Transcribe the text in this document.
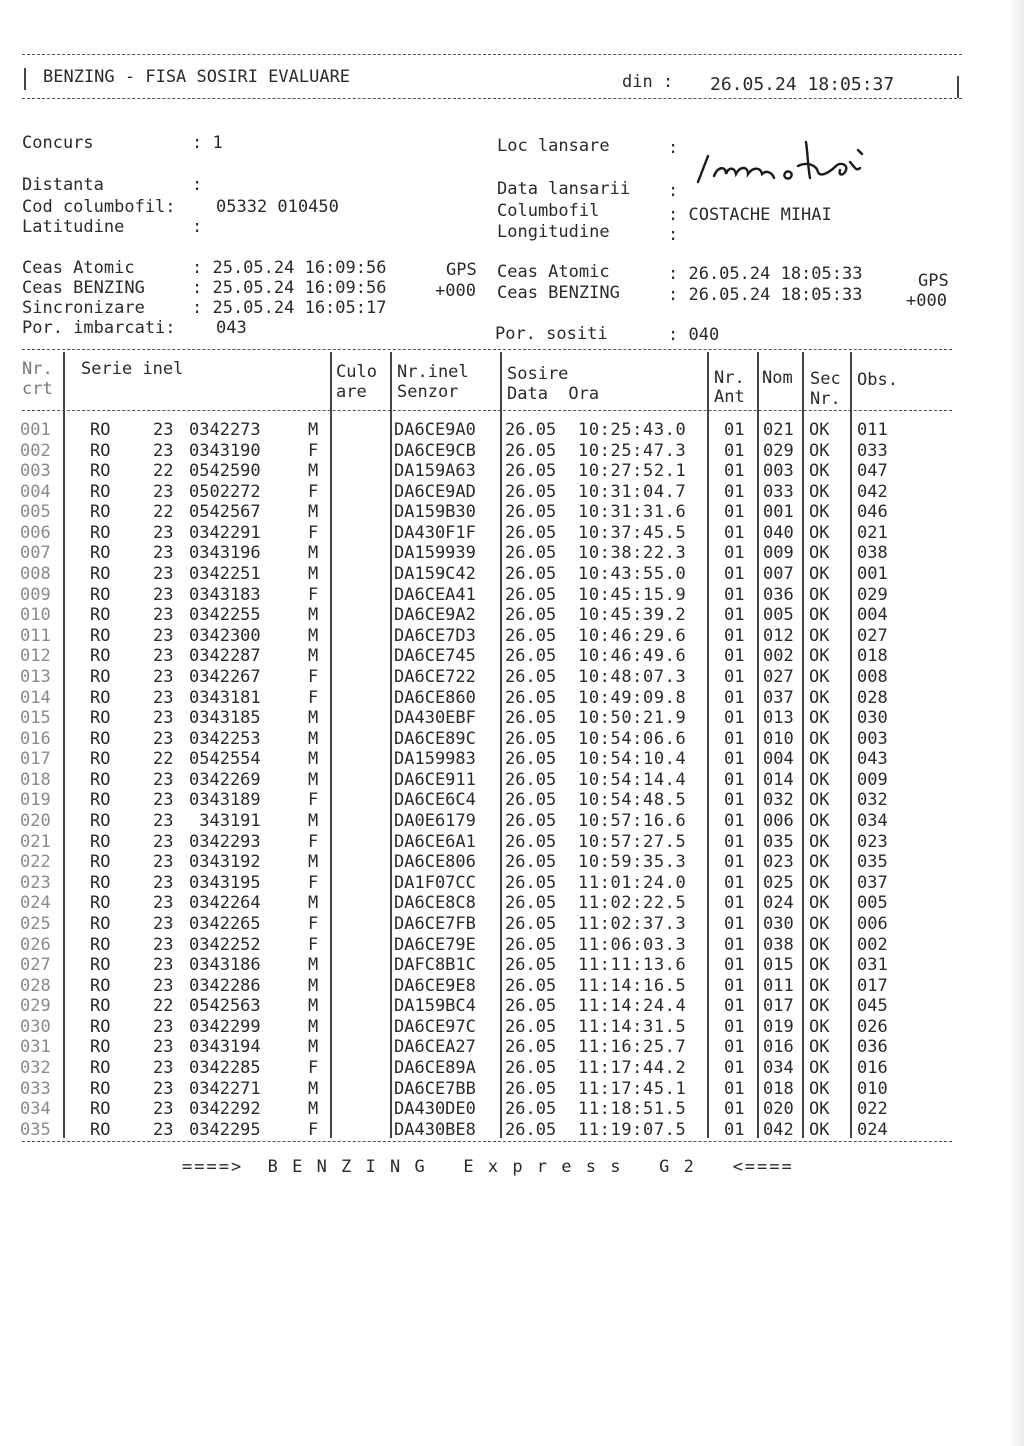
BENZING - FISA SOSIRI EVALUARE	din : 26.05.24 18:05:37
Concurs	: 1
Distanta	:
Cod columbofil: 05332 010450
Latitudine	:
Ceas Atomic	: 25.05.24 16:09:56	GPS
Ceas BENZING	: 25.05.24 16:09:56	+000
Sincronizare	: 25.05.24 16:05:17
Por. imbarcati: 043
Loc lansare	:
Data lansarii :
Columbofil	: COSTACHE MIHAI
Longitudine	:
Ceas Atomic	: 26.05.24 18:05:33	GPS
Ceas BENZING	: 26.05.24 18:05:33	+000
Por. sositi	: 040
Nr.
crt
Serie inel	Culo
are
Nr.inel
Senzor
Sosire
Data  Ora
Nr.
Ant
Nom Sec
Nr.
Obs.
001 RO	23 0342273	M	DA6CE9A0 26.05 10:25:43.0 01 021 OK 011
002 RO	23 0343190	F	DA6CE9CB 26.05 10:25:47.3 01 029 OK 033
003 RO	22 0542590	M	DA159A63 26.05 10:27:52.1 01 003 OK 047
004 RO	23 0502272	F	DA6CE9AD 26.05 10:31:04.7 01 033 OK 042
005 RO	22 0542567	M	DA159B30 26.05 10:31:31.6 01 001 OK 046
006 RO	23 0342291	F	DA430F1F 26.05 10:37:45.5 01 040 OK 021
007 RO	23 0343196	M	DA159939 26.05 10:38:22.3 01 009 OK 038
008 RO	23 0342251	M	DA159C42 26.05 10:43:55.0 01 007 OK 001
009 RO	23 0343183	F	DA6CEA41 26.05 10:45:15.9 01 036 OK 029
010 RO	23 0342255	M	DA6CE9A2 26.05 10:45:39.2 01 005 OK 004
011 RO	23 0342300	M	DA6CE7D3 26.05 10:46:29.6 01 012 OK 027
012 RO	23 0342287	M	DA6CE745 26.05 10:46:49.6 01 002 OK 018
013 RO	23 0342267	F	DA6CE722 26.05 10:48:07.3 01 027 OK 008
014 RO	23 0343181	F	DA6CE860 26.05 10:49:09.8 01 037 OK 028
015 RO	23 0343185	M	DA430EBF 26.05 10:50:21.9 01 013 OK 030
016 RO	23 0342253	M	DA6CE89C 26.05 10:54:06.6 01 010 OK 003
017 RO	22 0542554	M	DA159983 26.05 10:54:10.4 01 004 OK 043
018 RO	23 0342269	M	DA6CE911 26.05 10:54:14.4 01 014 OK 009
019 RO	23 0343189	F	DA6CE6C4 26.05 10:54:48.5 01 032 OK 032
020 RO	23 343191	M	DA0E6179 26.05 10:57:16.6 01 006 OK 034
021 RO	23 0342293	F	DA6CE6A1 26.05 10:57:27.5 01 035 OK 023
022 RO	23 0343192	M	DA6CE806 26.05 10:59:35.3 01 023 OK 035
023 RO	23 0343195	F	DA1F07CC 26.05 11:01:24.0 01 025 OK 037
024 RO	23 0342264	M	DA6CE8C8 26.05 11:02:22.5 01 024 OK 005
025 RO	23 0342265	F	DA6CE7FB 26.05 11:02:37.3 01 030 OK 006
026 RO	23 0342252	F	DA6CE79E 26.05 11:06:03.3 01 038 OK 002
027 RO	23 0343186	M	DAFC8B1C 26.05 11:11:13.6 01 015 OK 031
028 RO	23 0342286	M	DA6CE9E8 26.05 11:14:16.5 01 011 OK 017
029 RO	22 0542563	M	DA159BC4 26.05 11:14:24.4 01 017 OK 045
030 RO	23 0342299	M	DA6CE97C 26.05 11:14:31.5 01 019 OK 026
031 RO	23 0343194	M	DA6CEA27 26.05 11:16:25.7 01 016 OK 036
032 RO	23 0342285	F	DA6CE89A 26.05 11:17:44.2 01 034 OK 016
033 RO	23 0342271	M	DA6CE7BB 26.05 11:17:45.1 01 018 OK 010
034 RO	23 0342292	M	DA430DE0 26.05 11:18:51.5 01 020 OK 022
035 RO	23 0342295	F	DA430BE8 26.05 11:19:07.5 01 042 OK 024
====>  B E N Z I N G   E x p r e s s   G 2   <====
